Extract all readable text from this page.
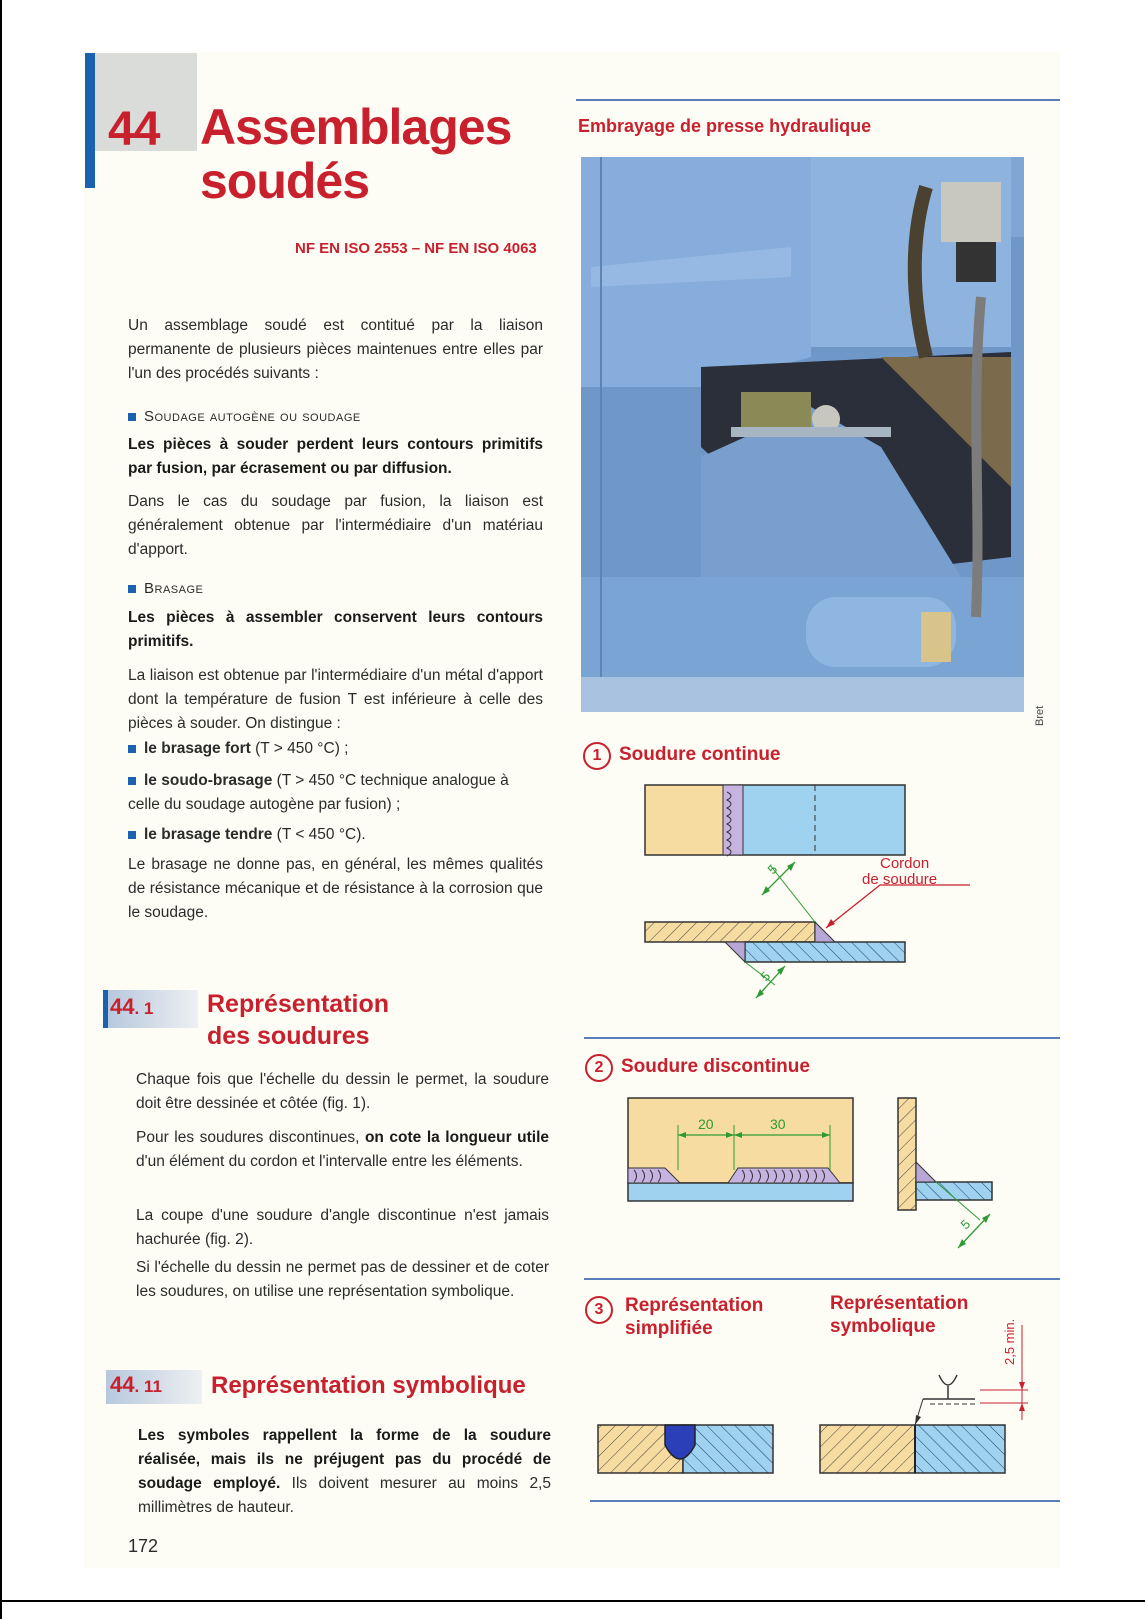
44 Assemblages
soudés
NF EN ISO 2553 – NF EN ISO 4063

Un assemblage soudé est contitué par la liaison permanente de plusieurs pièces maintenues entre elles par l'un des procédés suivants :

Soudage autogène ou soudage

Les pièces à souder perdent leurs contours primitifs par fusion, par écrasement ou par diffusion.

Dans le cas du soudage par fusion, la liaison est généralement obtenue par l'intermédiaire d'un matériau d'apport.

Brasage

Les pièces à assembler conservent leurs contours primitifs.

La liaison est obtenue par l'intermédiaire d'un métal d'apport dont la température de fusion T est inférieure à celle des pièces à souder. On distingue :

le brasage fort (T > 450 °C) ;
le soudo-brasage (T > 450 °C technique analogue à
celle du soudage autogène par fusion) ;
le brasage tendre (T < 450 °C).

Le brasage ne donne pas, en général, les mêmes qualités de résistance mécanique et de résistance à la corrosion que le soudage.

44. 1 Représentation
des soudures

Chaque fois que l'échelle du dessin le permet, la soudure doit être dessinée et côtée (fig. 1).

Pour les soudures discontinues, on cote la longueur utile d'un élément du cordon et l'intervalle entre les éléments.

La coupe d'une soudure d'angle discontinue n'est jamais hachurée (fig. 2).

Si l'échelle du dessin ne permet pas de dessiner et de coter les soudures, on utilise une représentation symbolique.

44. 11 Représentation symbolique

Les symboles rappellent la forme de la soudure réalisée, mais ils ne préjugent pas du procédé de soudage employé. Ils doivent mesurer au moins 2,5 millimètres de hauteur.

172
Embrayage de presse hydraulique
Bret
1 Soudure continue
5
5
Cordon
de soudure
2 Soudure discontinue
20	30
5
3	Représentation
simplifiée
Représentation
symbolique	2,5 min.
